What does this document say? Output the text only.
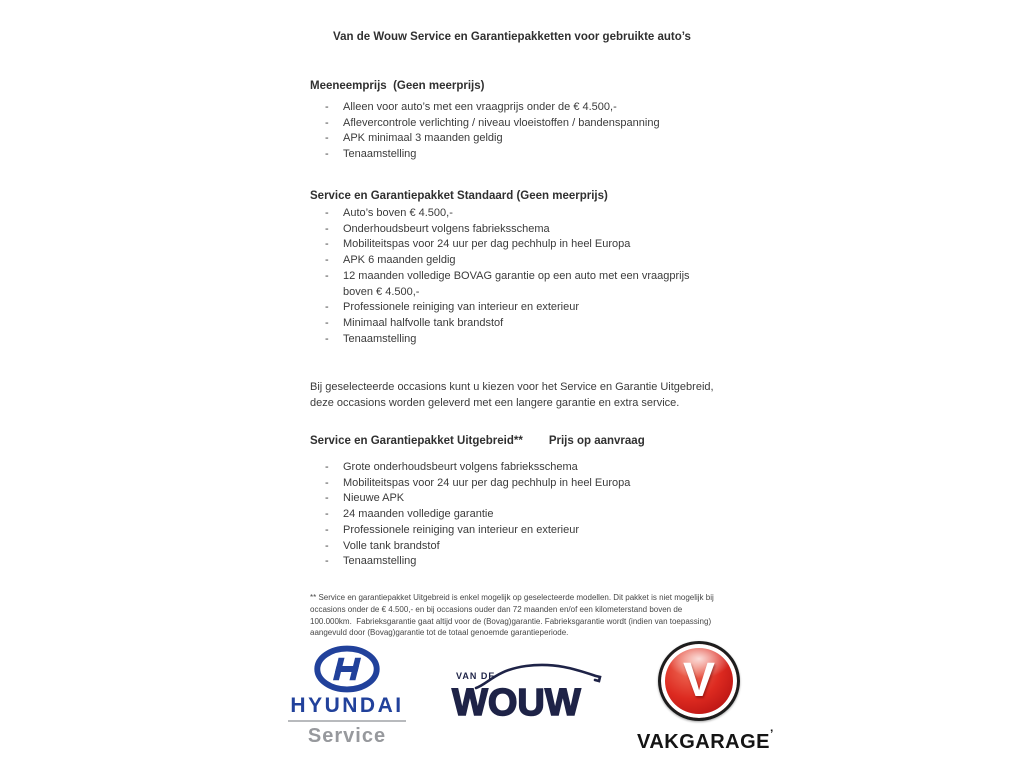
Van de Wouw Service en Garantiepakketten voor gebruikte auto’s
Meeneemprijs  (Geen meerprijs)
-	Alleen voor auto’s met een vraagprijs onder de € 4.500,-
-	Aflevercontrole verlichting / niveau vloeistoffen / bandenspanning
-	APK minimaal 3 maanden geldig
-	Tenaamstelling
Service en Garantiepakket Standaard (Geen meerprijs)
-	Auto’s boven € 4.500,-
-	Onderhoudsbeurt volgens fabrieksschema
-	Mobiliteitspas voor 24 uur per dag pechhulp in heel Europa
-	APK 6 maanden geldig
-	12 maanden volledige BOVAG garantie op een auto met een vraagprijs boven € 4.500,-
-	Professionele reiniging van interieur en exterieur
-	Minimaal halfvolle tank brandstof
-	Tenaamstelling

Bij geselecteerde occasions kunt u kiezen voor het Service en Garantie Uitgebreid, deze occasions worden geleverd met een langere garantie en extra service.

Service en Garantiepakket Uitgebreid** Prijs op aanvraag
-	Grote onderhoudsbeurt volgens fabrieksschema
-	Mobiliteitspas voor 24 uur per dag pechhulp in heel Europa
-	Nieuwe APK
-	24 maanden volledige garantie
-	Professionele reiniging van interieur en exterieur
-	Volle tank brandstof
-	Tenaamstelling

** Service en garantiepakket Uitgebreid is enkel mogelijk op geselecteerde modellen. Dit pakket is niet mogelijk bij occasions onder de € 4.500,- en bij occasions ouder dan 72 maanden en/of een kilometerstand boven de 100.000km.  Fabrieksgarantie gaat altijd voor de (Bovag)garantie. Fabrieksgarantie wordt (indien van toepassing) aangevuld door (Bovag)garantie tot de totaal genoemde garantieperiode.

HYUNDAI
Service
VAN DE
WOUW	V
VAKGARAGE’
